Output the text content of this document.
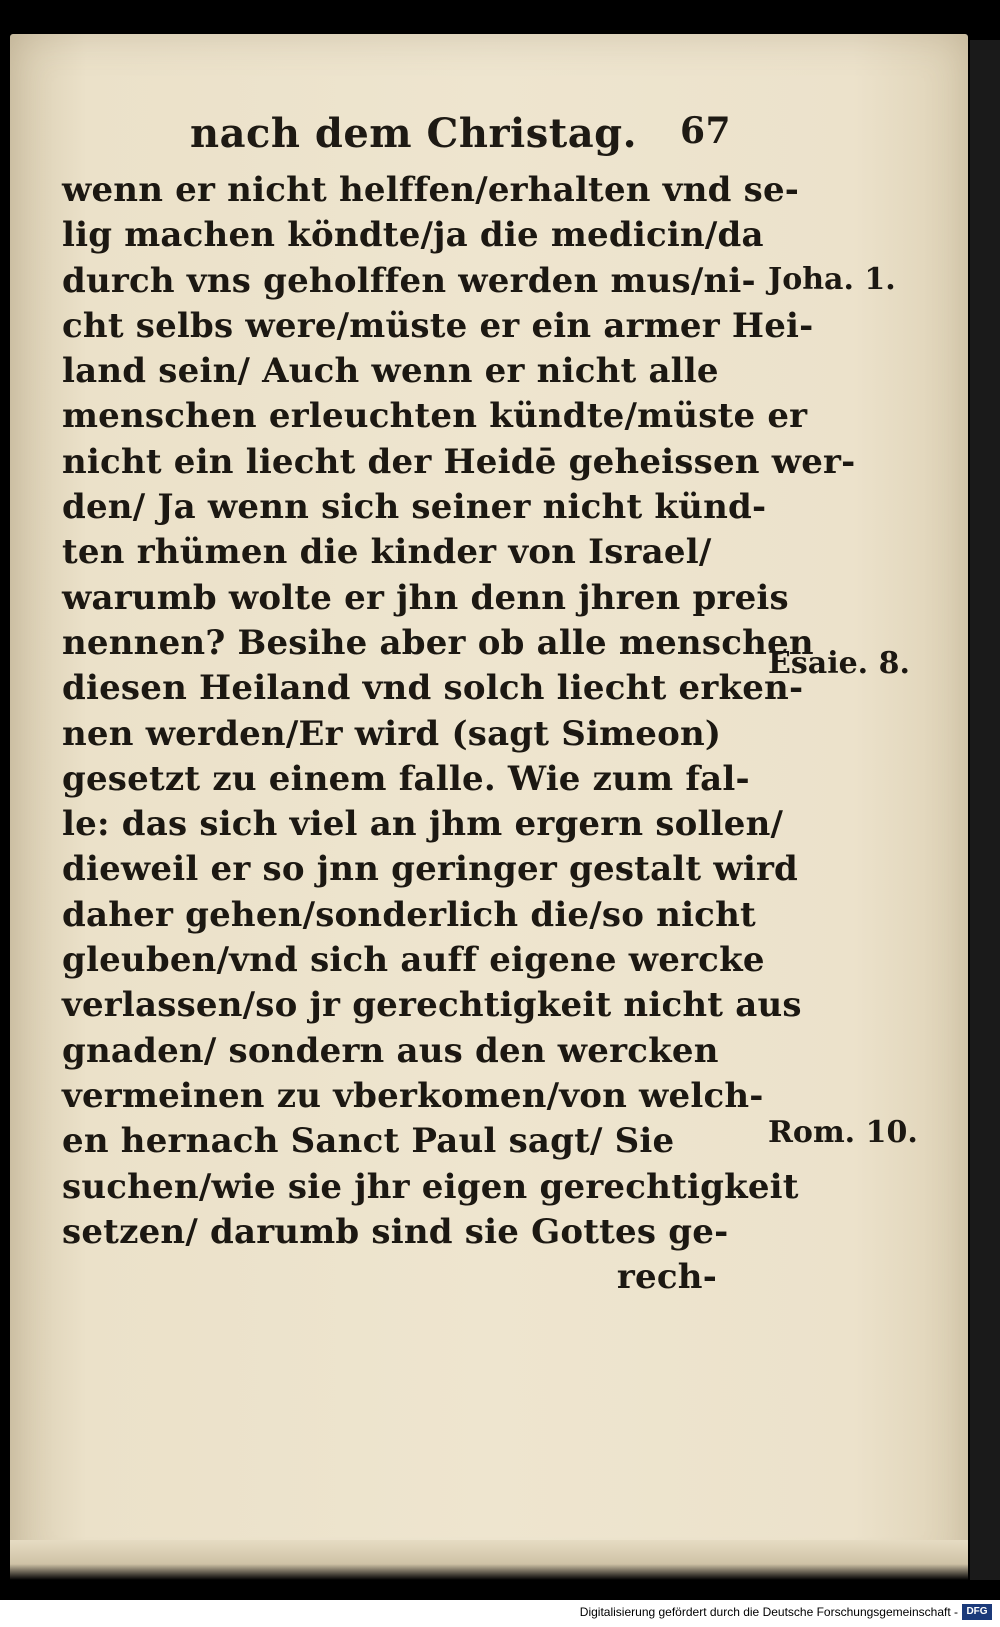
nach dem Christag. 67
wenn er nicht helffen/erhalten vnd se-
lig machen köndte/ja die medicin/da
durch vns geholffen werden mus/ni-
cht selbs were/müste er ein armer Hei-
land sein/ Auch wenn er nicht alle
menschen erleuchten kündte/müste er
nicht ein liecht der Heidē geheissen wer-
den/ Ja wenn sich seiner nicht künd-
ten rhümen die kinder von Israel/
warumb wolte er jhn denn jhren preis
nennen? Besihe aber ob alle menschen
diesen Heiland vnd solch liecht erken-
nen werden/Er wird (sagt Simeon)
gesetzt zu einem falle. Wie zum fal-
le: das sich viel an jhm ergern sollen/
dieweil er so jnn geringer gestalt wird
daher gehen/sonderlich die/so nicht
gleuben/vnd sich auff eigene wercke
verlassen/so jr gerechtigkeit nicht aus
gnaden/ sondern aus den wercken
vermeinen zu vberkomen/von welch-
en hernach Sanct Paul sagt/ Sie
suchen/wie sie jhr eigen gerechtigkeit
setzen/ darumb sind sie Gottes ge-
rech-
Joha. 1.
Esaie. 8.
Rom. 10.
Digitalisierung gefördert durch die Deutsche Forschungsgemeinschaft - DFG
